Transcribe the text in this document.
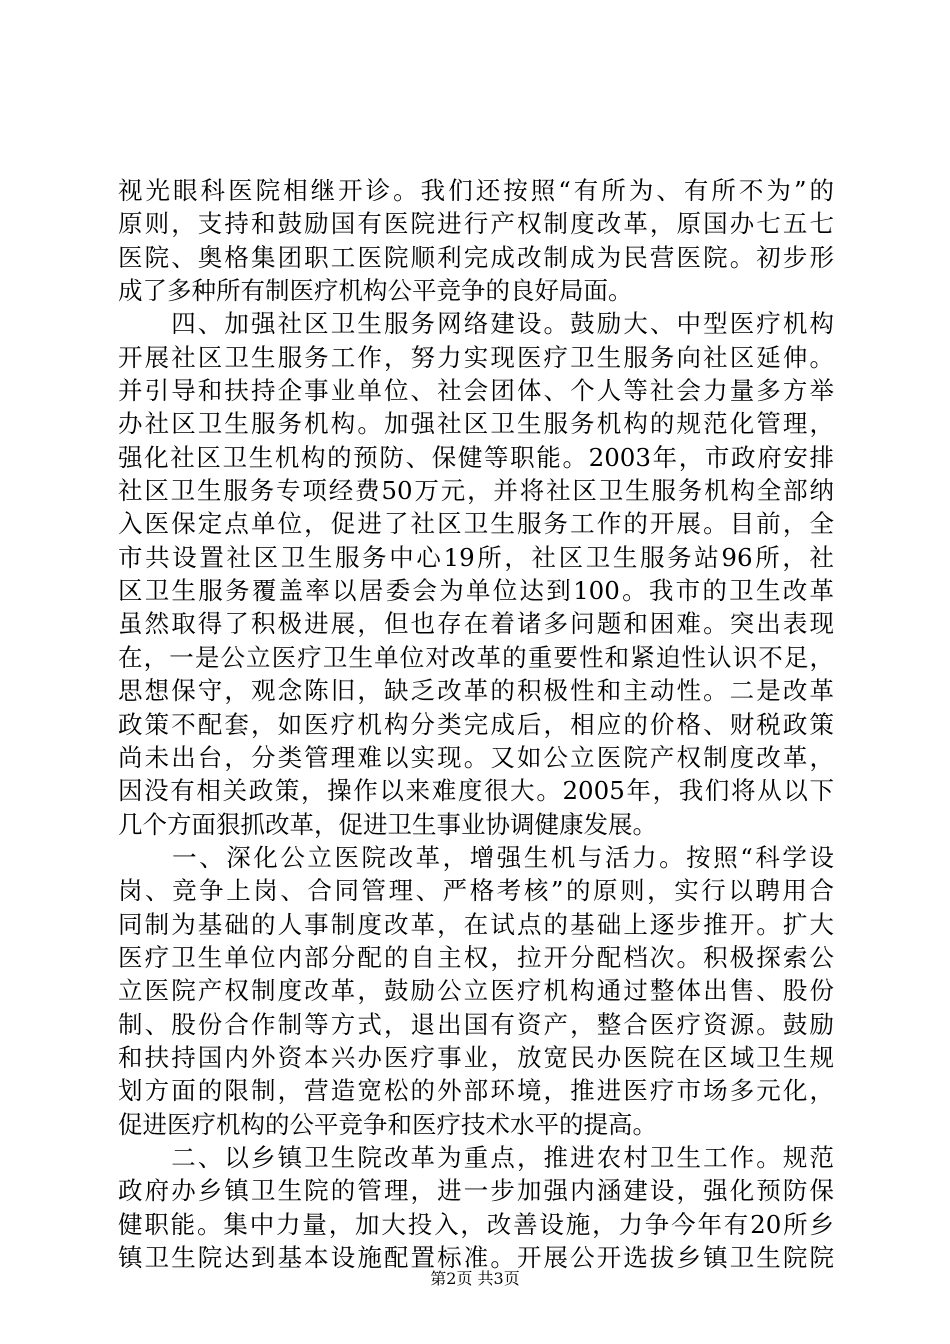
视光眼科医院相继开诊。我们还按照“有所为、有所不为”的
原则，支持和鼓励国有医院进行产权制度改革，原国办七五七
医院、奥格集团职工医院顺利完成改制成为民营医院。初步形
成了多种所有制医疗机构公平竞争的良好局面。
　　四、加强社区卫生服务网络建设。鼓励大、中型医疗机构
开展社区卫生服务工作，努力实现医疗卫生服务向社区延伸。
并引导和扶持企事业单位、社会团体、个人等社会力量多方举
办社区卫生服务机构。加强社区卫生服务机构的规范化管理，
强化社区卫生机构的预防、保健等职能。2003年，市政府安排
社区卫生服务专项经费50万元，并将社区卫生服务机构全部纳
入医保定点单位，促进了社区卫生服务工作的开展。目前，全
市共设置社区卫生服务中心19所，社区卫生服务站96所，社
区卫生服务覆盖率以居委会为单位达到100。我市的卫生改革
虽然取得了积极进展，但也存在着诸多问题和困难。突出表现
在，一是公立医疗卫生单位对改革的重要性和紧迫性认识不足，
思想保守，观念陈旧，缺乏改革的积极性和主动性。二是改革
政策不配套，如医疗机构分类完成后，相应的价格、财税政策
尚未出台，分类管理难以实现。又如公立医院产权制度改革，
因没有相关政策，操作以来难度很大。2005年，我们将从以下
几个方面狠抓改革，促进卫生事业协调健康发展。
　　一、深化公立医院改革，增强生机与活力。按照“科学设
岗、竞争上岗、合同管理、严格考核”的原则，实行以聘用合
同制为基础的人事制度改革，在试点的基础上逐步推开。扩大
医疗卫生单位内部分配的自主权，拉开分配档次。积极探索公
立医院产权制度改革，鼓励公立医疗机构通过整体出售、股份
制、股份合作制等方式，退出国有资产，整合医疗资源。鼓励
和扶持国内外资本兴办医疗事业，放宽民办医院在区域卫生规
划方面的限制，营造宽松的外部环境，推进医疗市场多元化，
促进医疗机构的公平竞争和医疗技术水平的提高。
　　二、以乡镇卫生院改革为重点，推进农村卫生工作。规范
政府办乡镇卫生院的管理，进一步加强内涵建设，强化预防保
健职能。集中力量，加大投入，改善设施，力争今年有20所乡
镇卫生院达到基本设施配置标准。开展公开选拔乡镇卫生院院
第2页 共3页
